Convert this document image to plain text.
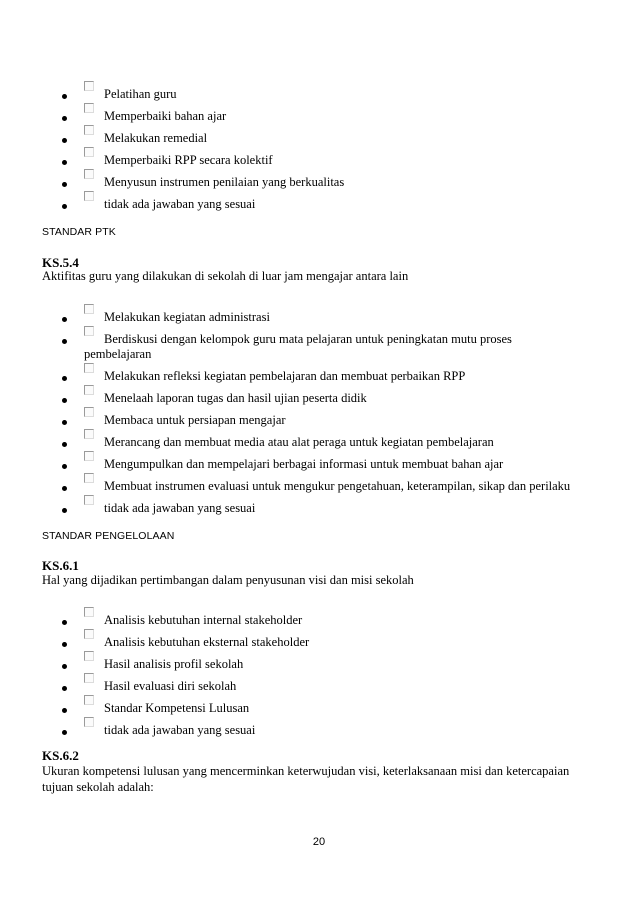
Pelatihan guru
Memperbaiki bahan ajar
Melakukan remedial
Memperbaiki RPP secara kolektif
Menyusun instrumen penilaian yang berkualitas
tidak ada jawaban yang sesuai
STANDAR PTK
KS.5.4
Aktifitas guru yang dilakukan di sekolah di luar jam mengajar antara lain
Melakukan kegiatan administrasi
Berdiskusi dengan kelompok guru mata pelajaran untuk peningkatan mutu proses
pembelajaran
Melakukan refleksi kegiatan pembelajaran dan membuat perbaikan RPP
Menelaah laporan tugas dan hasil ujian peserta didik
Membaca untuk persiapan mengajar
Merancang dan membuat media atau alat peraga untuk kegiatan pembelajaran
Mengumpulkan dan mempelajari berbagai informasi untuk membuat bahan ajar
Membuat instrumen evaluasi untuk mengukur pengetahuan, keterampilan, sikap dan perilaku
tidak ada jawaban yang sesuai
STANDAR PENGELOLAAN
KS.6.1
Hal yang dijadikan pertimbangan dalam penyusunan visi dan misi sekolah
Analisis kebutuhan internal stakeholder
Analisis kebutuhan eksternal stakeholder
Hasil analisis profil sekolah
Hasil evaluasi diri sekolah
Standar Kompetensi Lulusan
tidak ada jawaban yang sesuai
KS.6.2
Ukuran kompetensi lulusan yang mencerminkan keterwujudan visi, keterlaksanaan misi dan ketercapaian
tujuan sekolah adalah:
20
